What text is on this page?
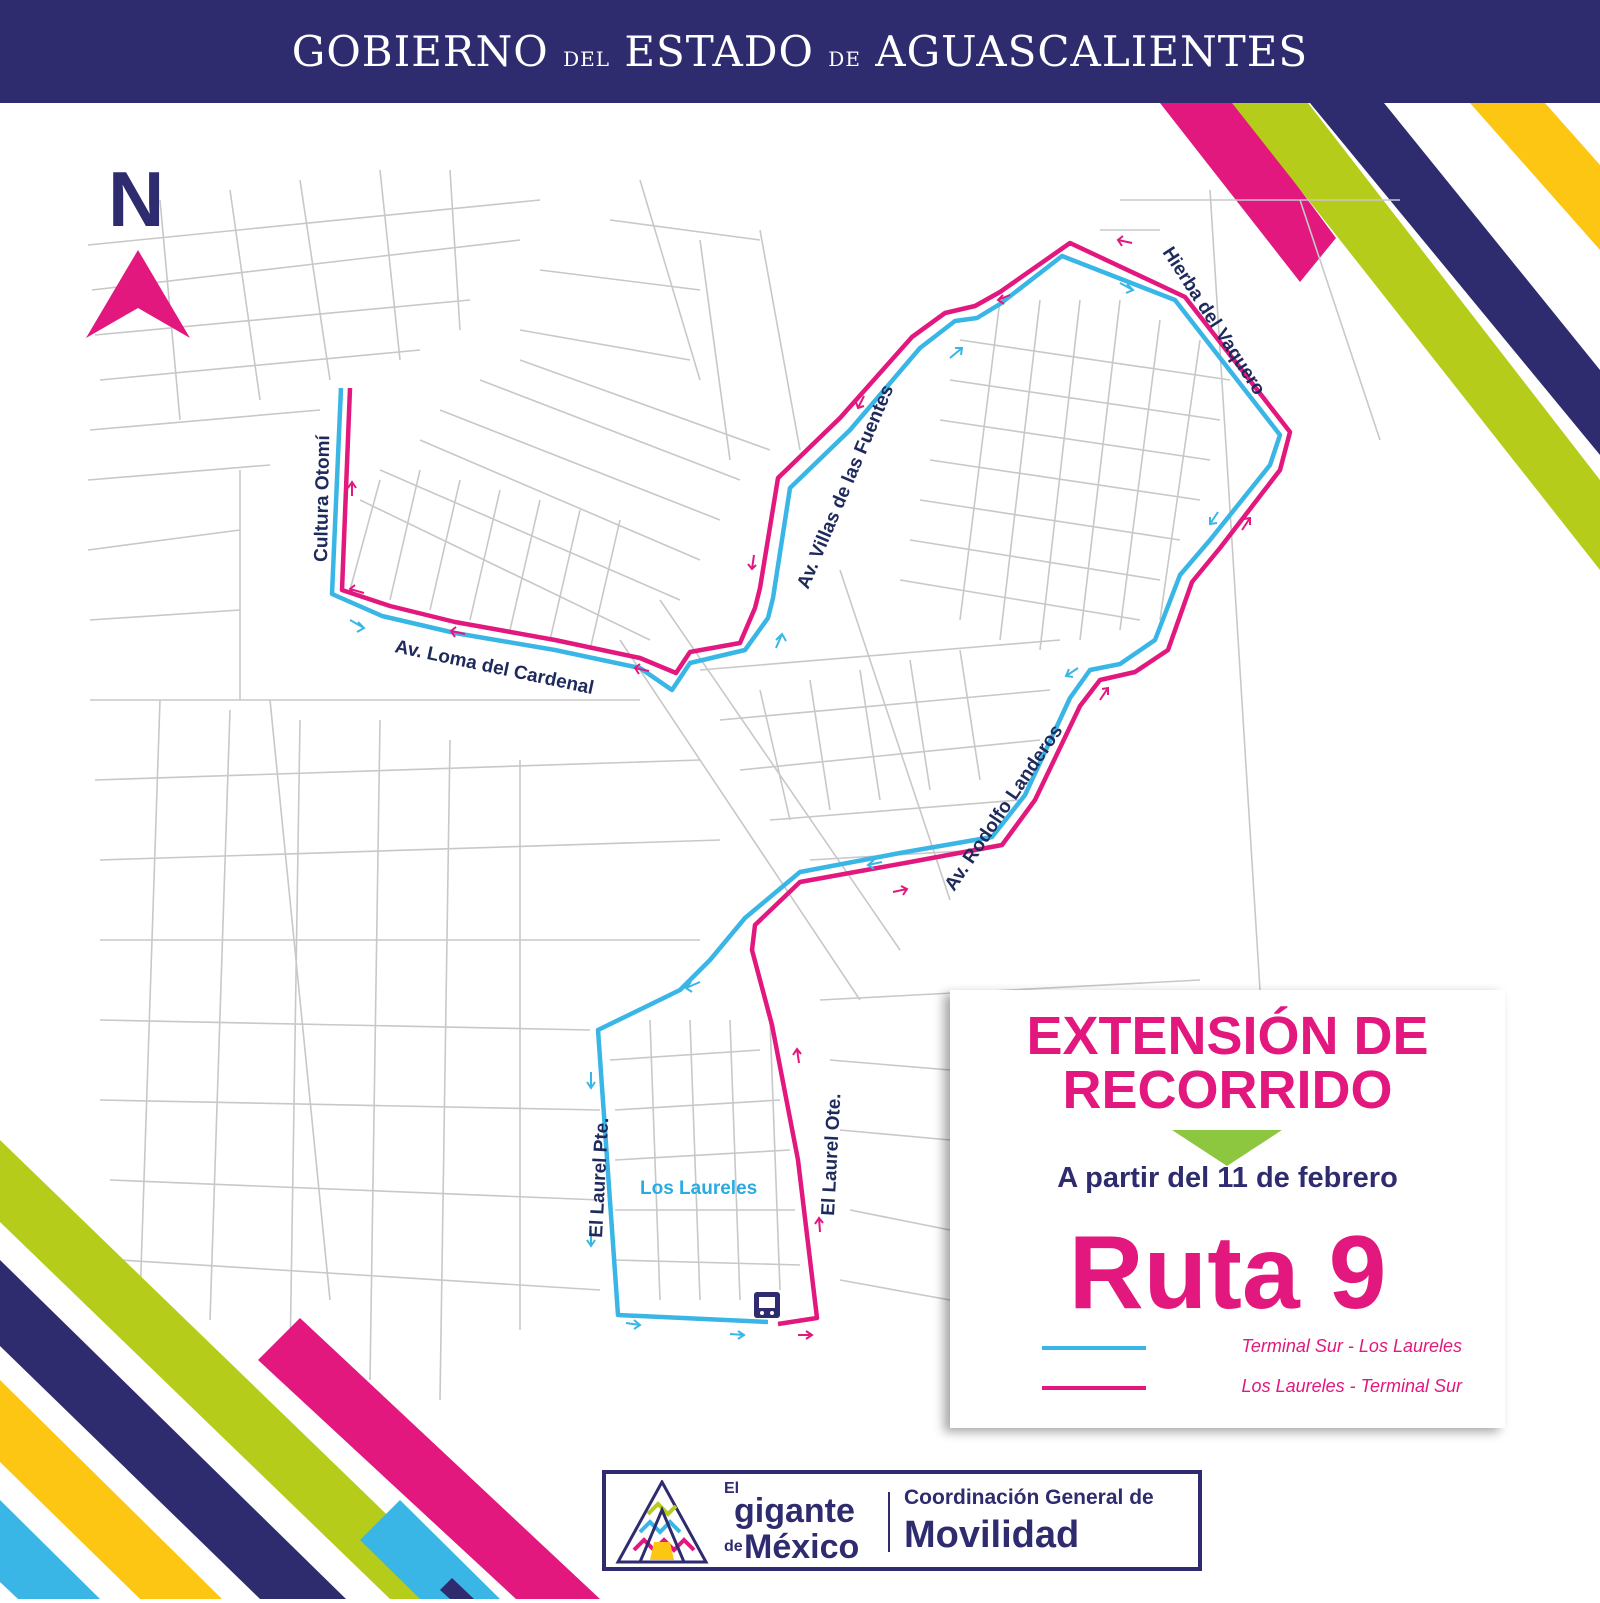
GOBIERNO DEL ESTADO DE AGUASCALIENTES
Cultura Otomí
Av. Loma del Cardenal
Av. Villas de las Fuentes
Hierba del Vaquero
Av. Rodolfo Landeros
El Laurel Pte.	El Laurel Ote.
Los Laureles
N
EXTENSIÓN DE
RECORRIDO
A partir del 11 de febrero
Ruta 9
Terminal Sur - Los Laureles
Los Laureles - Terminal Sur
El
gigante
de México
Coordinación General de
Movilidad
